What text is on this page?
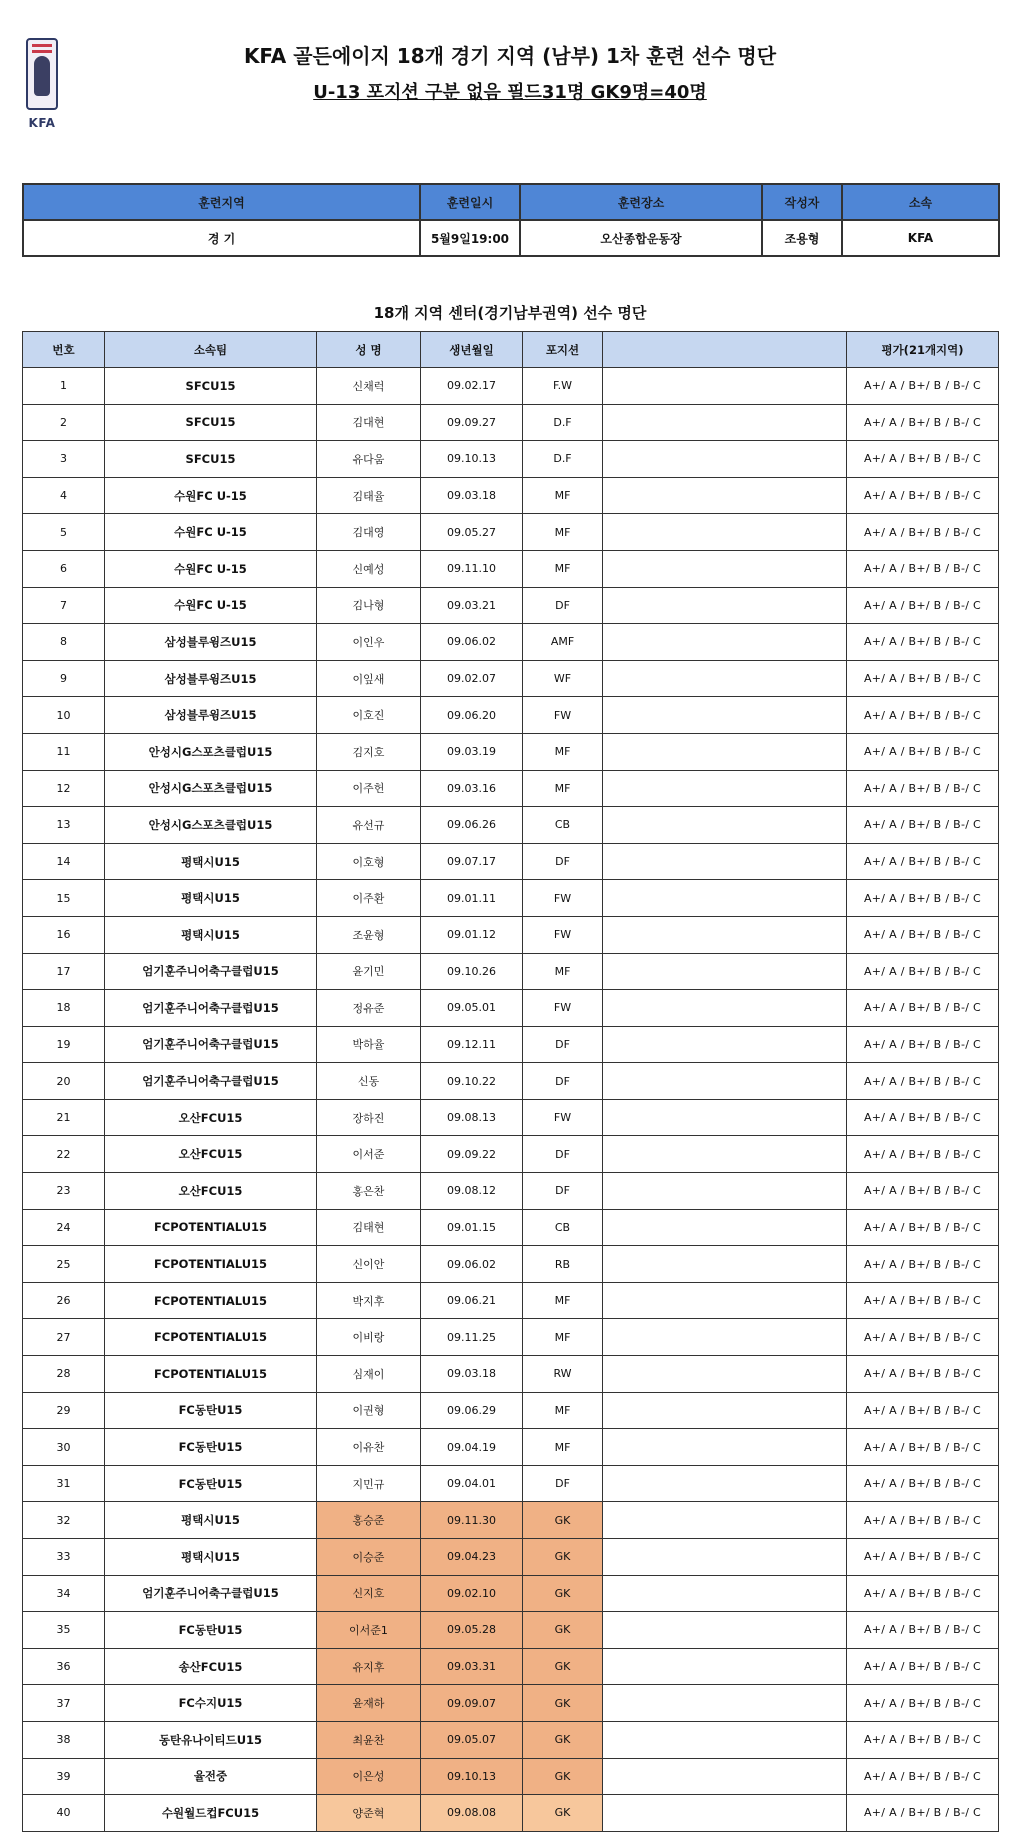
KFA
KFA 골든에이지 18개 경기 지역 (남부) 1차 훈련 선수 명단
U-13 포지션 구분 없음 필드31명 GK9명=40명
훈련지역	훈련일시	훈련장소	작성자	소속
경 기	5월9일19:00	오산종합운동장	조용형	KFA
18개 지역 센터(경기남부권역) 선수 명단
번호	소속팀	성 명	생년월일	포지션		평가(21개지역)
1	SFCU15	신채럭	09.02.17	F.W		A+/ A / B+/ B / B-/ C
2	SFCU15	김대현	09.09.27	D.F		A+/ A / B+/ B / B-/ C
3	SFCU15	유다움	09.10.13	D.F		A+/ A / B+/ B / B-/ C
4	수원FC U-15	김태율	09.03.18	MF		A+/ A / B+/ B / B-/ C
5	수원FC U-15	김대영	09.05.27	MF		A+/ A / B+/ B / B-/ C
6	수원FC U-15	신예성	09.11.10	MF		A+/ A / B+/ B / B-/ C
7	수원FC U-15	김나형	09.03.21	DF		A+/ A / B+/ B / B-/ C
8	삼성블루윙즈U15	이인우	09.06.02	AMF		A+/ A / B+/ B / B-/ C
9	삼성블루윙즈U15	이잎새	09.02.07	WF		A+/ A / B+/ B / B-/ C
10	삼성블루윙즈U15	이호진	09.06.20	FW		A+/ A / B+/ B / B-/ C
11	안성시G스포츠클럽U15	김지호	09.03.19	MF		A+/ A / B+/ B / B-/ C
12	안성시G스포츠클럽U15	이주헌	09.03.16	MF		A+/ A / B+/ B / B-/ C
13	안성시G스포츠클럽U15	유선규	09.06.26	CB		A+/ A / B+/ B / B-/ C
14	평택시U15	이호형	09.07.17	DF		A+/ A / B+/ B / B-/ C
15	평택시U15	이주환	09.01.11	FW		A+/ A / B+/ B / B-/ C
16	평택시U15	조윤형	09.01.12	FW		A+/ A / B+/ B / B-/ C
17	엄기훈주니어축구클럽U15	윤기민	09.10.26	MF		A+/ A / B+/ B / B-/ C
18	엄기훈주니어축구클럽U15	정유준	09.05.01	FW		A+/ A / B+/ B / B-/ C
19	엄기훈주니어축구클럽U15	박하율	09.12.11	DF		A+/ A / B+/ B / B-/ C
20	엄기훈주니어축구클럽U15	신동	09.10.22	DF		A+/ A / B+/ B / B-/ C
21	오산FCU15	장하진	09.08.13	FW		A+/ A / B+/ B / B-/ C
22	오산FCU15	이서준	09.09.22	DF		A+/ A / B+/ B / B-/ C
23	오산FCU15	홍은찬	09.08.12	DF		A+/ A / B+/ B / B-/ C
24	FCPOTENTIALU15	김태현	09.01.15	CB		A+/ A / B+/ B / B-/ C
25	FCPOTENTIALU15	신이안	09.06.02	RB		A+/ A / B+/ B / B-/ C
26	FCPOTENTIALU15	박지후	09.06.21	MF		A+/ A / B+/ B / B-/ C
27	FCPOTENTIALU15	이비랑	09.11.25	MF		A+/ A / B+/ B / B-/ C
28	FCPOTENTIALU15	심재이	09.03.18	RW		A+/ A / B+/ B / B-/ C
29	FC동탄U15	이권형	09.06.29	MF		A+/ A / B+/ B / B-/ C
30	FC동탄U15	이유찬	09.04.19	MF		A+/ A / B+/ B / B-/ C
31	FC동탄U15	지민규	09.04.01	DF		A+/ A / B+/ B / B-/ C
32	평택시U15	홍승준	09.11.30	GK		A+/ A / B+/ B / B-/ C
33	평택시U15	이승준	09.04.23	GK		A+/ A / B+/ B / B-/ C
34	엄기훈주니어축구클럽U15	신지호	09.02.10	GK		A+/ A / B+/ B / B-/ C
35	FC동탄U15	이서준1	09.05.28	GK		A+/ A / B+/ B / B-/ C
36	송산FCU15	유지후	09.03.31	GK		A+/ A / B+/ B / B-/ C
37	FC수지U15	윤재하	09.09.07	GK		A+/ A / B+/ B / B-/ C
38	동탄유나이티드U15	최윤찬	09.05.07	GK		A+/ A / B+/ B / B-/ C
39	율전중	이은성	09.10.13	GK		A+/ A / B+/ B / B-/ C
40	수원월드컵FCU15	양준혁	09.08.08	GK		A+/ A / B+/ B / B-/ C
